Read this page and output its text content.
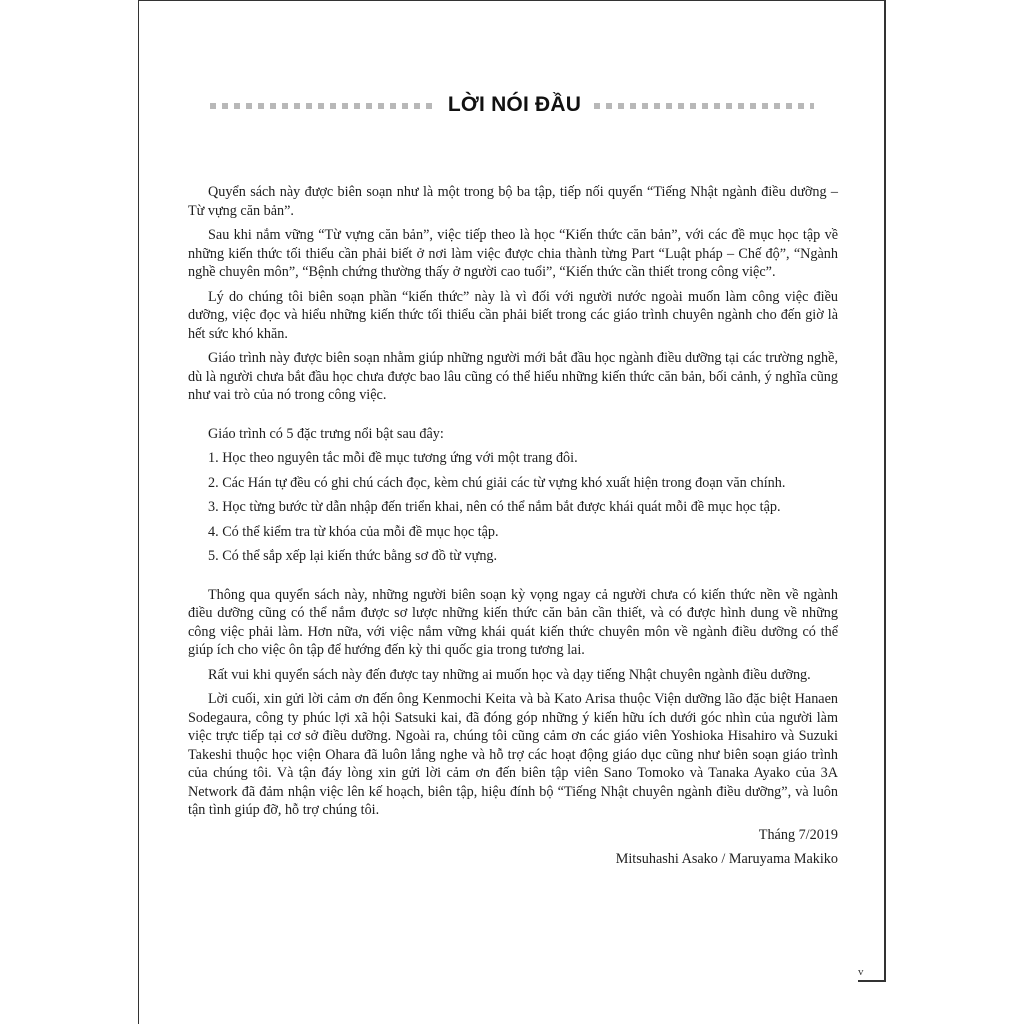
LỜI NÓI ĐẦU

Quyển sách này được biên soạn như là một trong bộ ba tập, tiếp nối quyển “Tiếng Nhật ngành điều dưỡng – Từ vựng căn bản”.

Sau khi nắm vững “Từ vựng căn bản”, việc tiếp theo là học “Kiến thức căn bản”, với các đề mục học tập về những kiến thức tối thiểu cần phải biết ở nơi làm việc được chia thành từng Part “Luật pháp – Chế độ”, “Ngành nghề chuyên môn”, “Bệnh chứng thường thấy ở người cao tuổi”, “Kiến thức cần thiết trong công việc”.

Lý do chúng tôi biên soạn phần “kiến thức” này là vì đối với người nước ngoài muốn làm công việc điều dưỡng, việc đọc và hiểu những kiến thức tối thiểu cần phải biết trong các giáo trình chuyên ngành cho đến giờ là hết sức khó khăn.

Giáo trình này được biên soạn nhằm giúp những người mới bắt đầu học ngành điều dưỡng tại các trường nghề, dù là người chưa bắt đầu học chưa được bao lâu cũng có thể hiểu những kiến thức căn bản, bối cảnh, ý nghĩa cũng như vai trò của nó trong công việc.

Giáo trình có 5 đặc trưng nổi bật sau đây:

1. Học theo nguyên tắc mỗi đề mục tương ứng với một trang đôi.

2. Các Hán tự đều có ghi chú cách đọc, kèm chú giải các từ vựng khó xuất hiện trong đoạn văn chính.

3. Học từng bước từ dẫn nhập đến triển khai, nên có thể nắm bắt được khái quát mỗi đề mục học tập.

4. Có thể kiểm tra từ khóa của mỗi đề mục học tập.

5. Có thể sắp xếp lại kiến thức bằng sơ đồ từ vựng.

Thông qua quyển sách này, những người biên soạn kỳ vọng ngay cả người chưa có kiến thức nền về ngành điều dưỡng cũng có thể nắm được sơ lược những kiến thức căn bản cần thiết, và có được hình dung về những công việc phải làm. Hơn nữa, với việc nắm vững khái quát kiến thức chuyên môn về ngành điều dưỡng có thể giúp ích cho việc ôn tập để hướng đến kỳ thi quốc gia trong tương lai.

Rất vui khi quyển sách này đến được tay những ai muốn học và dạy tiếng Nhật chuyên ngành điều dưỡng.

Lời cuối, xin gửi lời cảm ơn đến ông Kenmochi Keita và bà Kato Arisa thuộc Viện dưỡng lão đặc biệt Hanaen Sodegaura, công ty phúc lợi xã hội Satsuki kai, đã đóng góp những ý kiến hữu ích dưới góc nhìn của người làm việc trực tiếp tại cơ sở điều dưỡng. Ngoài ra, chúng tôi cũng cảm ơn các giáo viên Yoshioka Hisahiro và Suzuki Takeshi thuộc học viện Ohara đã luôn lắng nghe và hỗ trợ các hoạt động giáo dục cũng như biên soạn giáo trình của chúng tôi. Và tận đáy lòng xin gửi lời cảm ơn đến biên tập viên Sano Tomoko và Tanaka Ayako của 3A Network đã đảm nhận việc lên kế hoạch, biên tập, hiệu đính bộ “Tiếng Nhật chuyên ngành điều dưỡng”, và luôn tận tình giúp đỡ, hỗ trợ chúng tôi.

Tháng 7/2019

Mitsuhashi Asako / Maruyama Makiko

v
